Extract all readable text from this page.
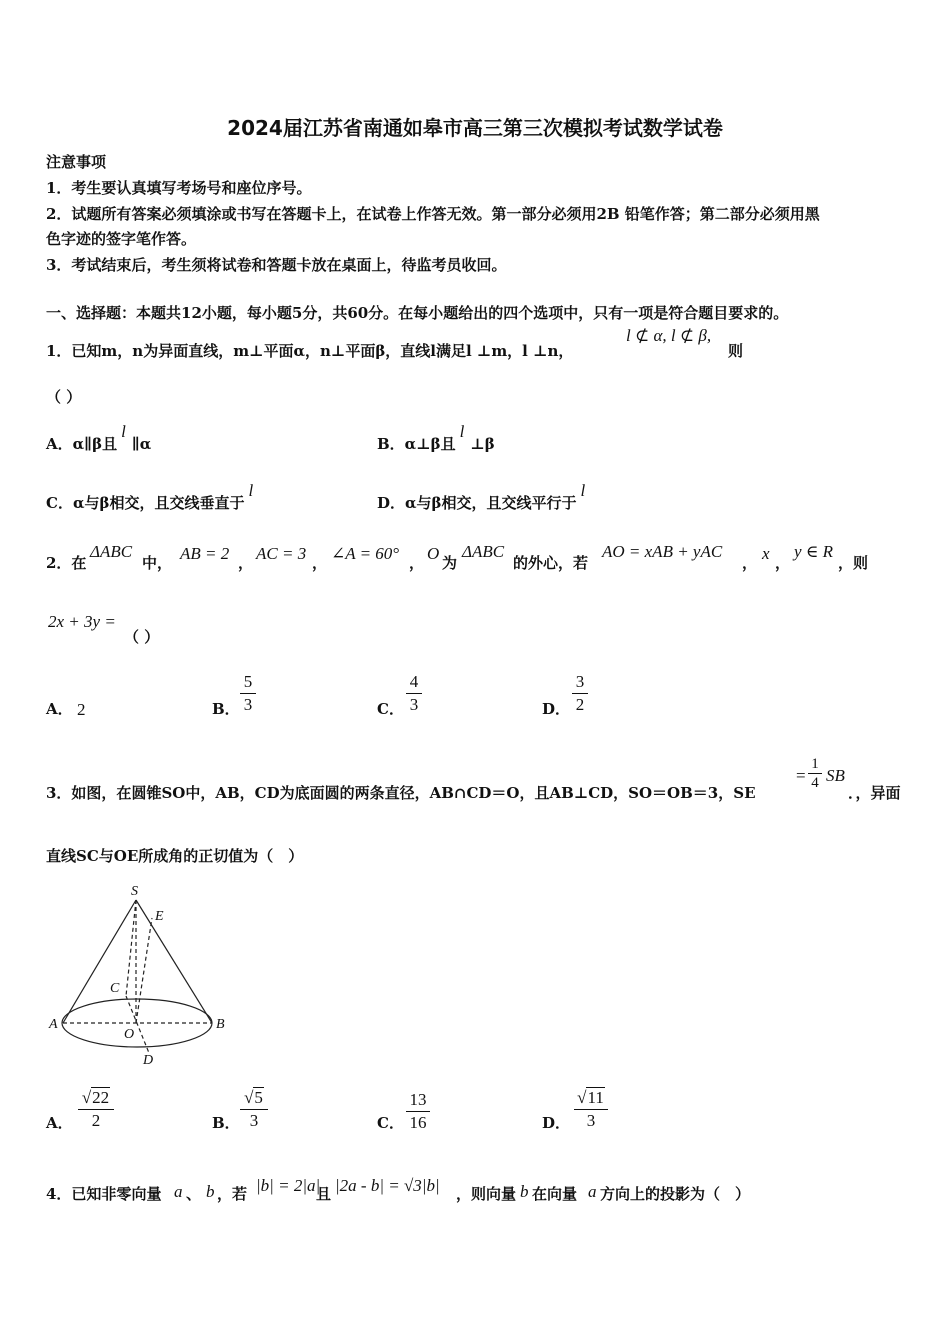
2024届江苏省南通如皋市高三第三次模拟考试数学试卷
注意事项
1．考生要认真填写考场号和座位序号。
2．试题所有答案必须填涂或书写在答题卡上，在试卷上作答无效。第一部分必须用2B 铅笔作答；第二部分必须用黑
色字迹的签字笔作答。
3．考试结束后，考生须将试卷和答题卡放在桌面上，待监考员收回。
一、选择题：本题共12小题，每小题5分，共60分。在每小题给出的四个选项中，只有一项是符合题目要求的。
1．已知m，n为异面直线，m⊥平面α，n⊥平面β，直线l满足l ⊥m，l ⊥n，
l ⊄ α, l ⊄ β,
则
（ ）
A．α∥β且l∥α	B．α⊥β且l⊥β
C．α与β相交，且交线垂直于l
D．α与β相交，且交线平行于l
2．在
ΔABC
中， AB = 2 ， AC = 3 ， ∠A = 60° ， O 为
ΔABC
的外心，若
AO = xAB + yAC
， x ，
y ∈ R
，则
2x + 3y =
（ ）
A． 2	B．
5
3	C．
4
3	D．
3
2
3．如图，在圆锥SO中，AB，CD为底面圆的两条直径，AB∩CD＝O，且AB⊥CD，SO＝OB＝3，SE
=
1
4 SB
．，异面
直线SC与OE所成角的正切值为（　）
S
E
C
A
O
B
D
A．
√22
2	B．
√5
3	C．
13
16	D．
√11
3
4．已知非零向量 a 、 b ，若 |b| = 2|a|
且 |2a - b| = √3|b| ，则向量 b 在向量 a 方向上的投影为（　）
